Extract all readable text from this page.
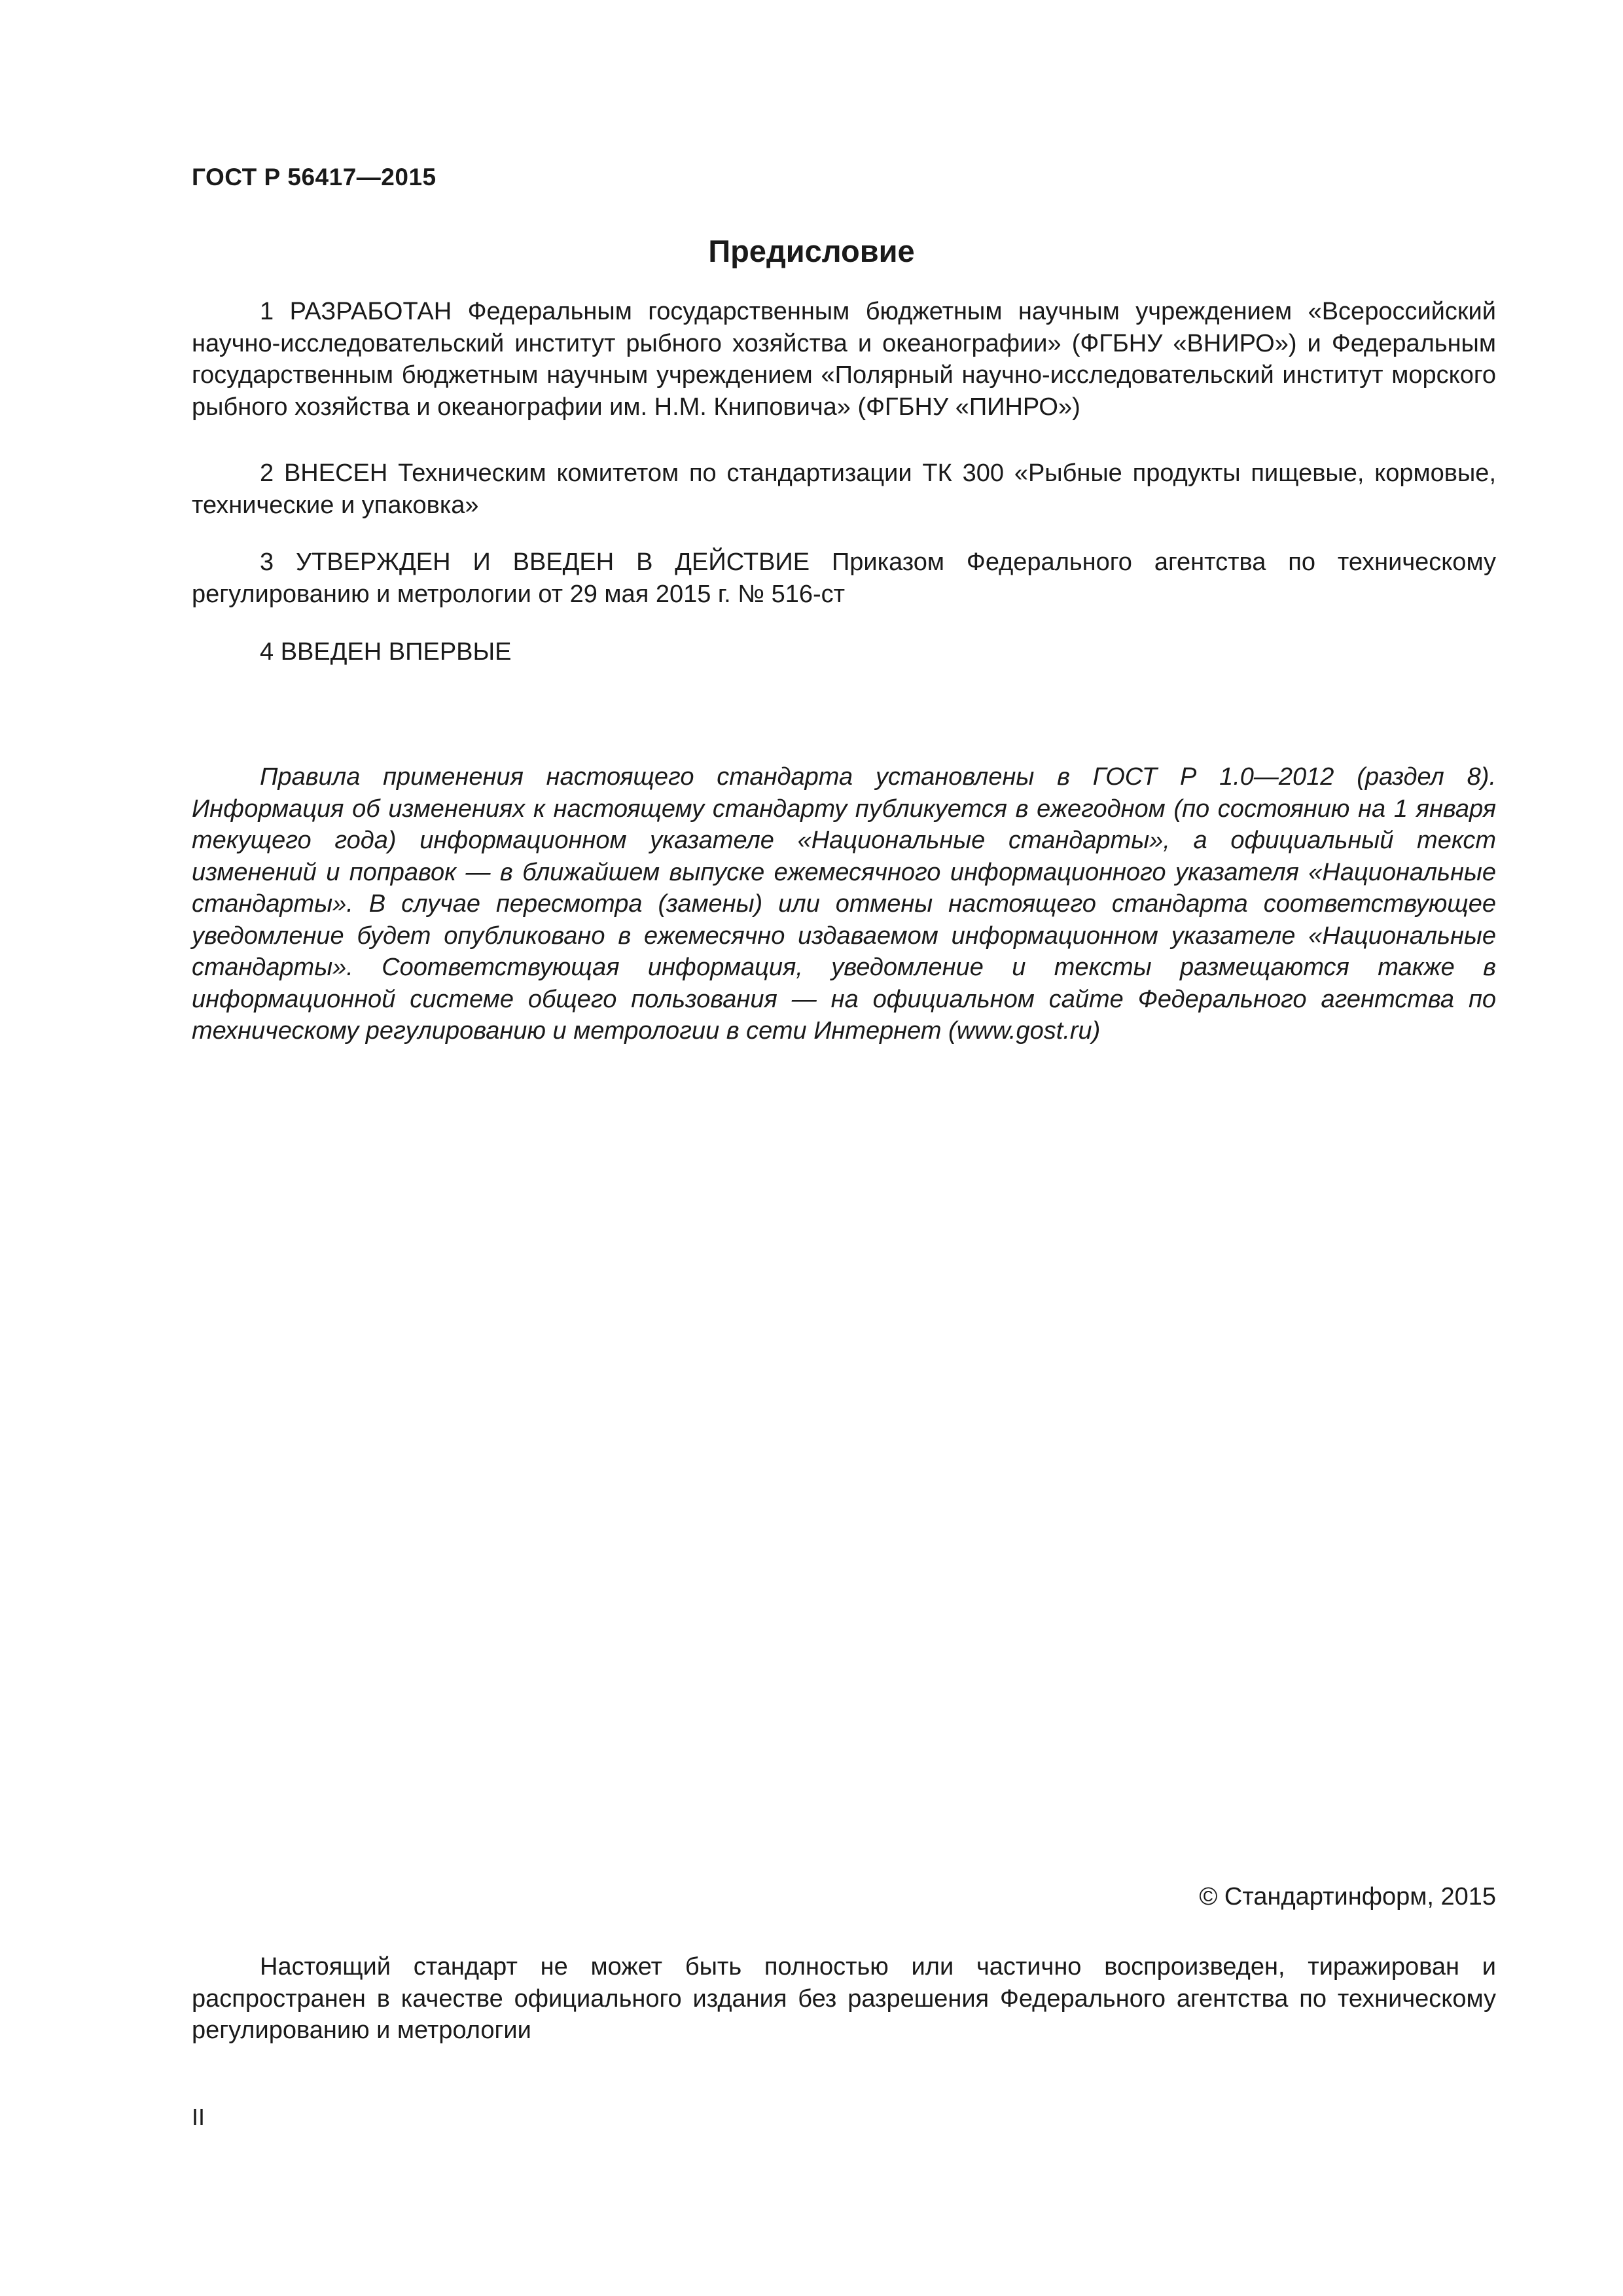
ГОСТ Р 56417—2015
Предисловие
1 РАЗРАБОТАН Федеральным государственным бюджетным научным учреждением «Всероссийский научно-исследовательский институт рыбного хозяйства и океанографии» (ФГБНУ «ВНИРО») и Федеральным государственным бюджетным научным учреждением «Полярный научно-исследовательский институт морского рыбного хозяйства и океанографии им. Н.М. Книповича» (ФГБНУ «ПИНРО»)
2 ВНЕСЕН Техническим комитетом по стандартизации ТК 300 «Рыбные продукты пищевые, кормовые, технические и упаковка»
3 УТВЕРЖДЕН И ВВЕДЕН В ДЕЙСТВИЕ Приказом Федерального агентства по техническому регулированию и метрологии от 29 мая 2015 г. № 516-ст
4 ВВЕДЕН ВПЕРВЫЕ
Правила применения настоящего стандарта установлены в ГОСТ Р 1.0—2012 (раздел 8). Информация об изменениях к настоящему стандарту публикуется в ежегодном (по состоянию на 1 января текущего года) информационном указателе «Национальные стандарты», а официальный текст изменений и поправок — в ближайшем выпуске ежемесячного информационного указателя «Национальные стандарты». В случае пересмотра (замены) или отмены настоящего стандарта соответствующее уведомление будет опубликовано в ежемесячно издаваемом информационном указателе «Национальные стандарты». Соответствующая информация, уведомление и тексты размещаются также в информационной системе общего пользования — на официальном сайте Федерального агентства по техническому регулированию и метрологии в сети Интернет (www.gost.ru)
© Стандартинформ, 2015
Настоящий стандарт не может быть полностью или частично воспроизведен, тиражирован и распространен в качестве официального издания без разрешения Федерального агентства по техническому регулированию и метрологии
II
